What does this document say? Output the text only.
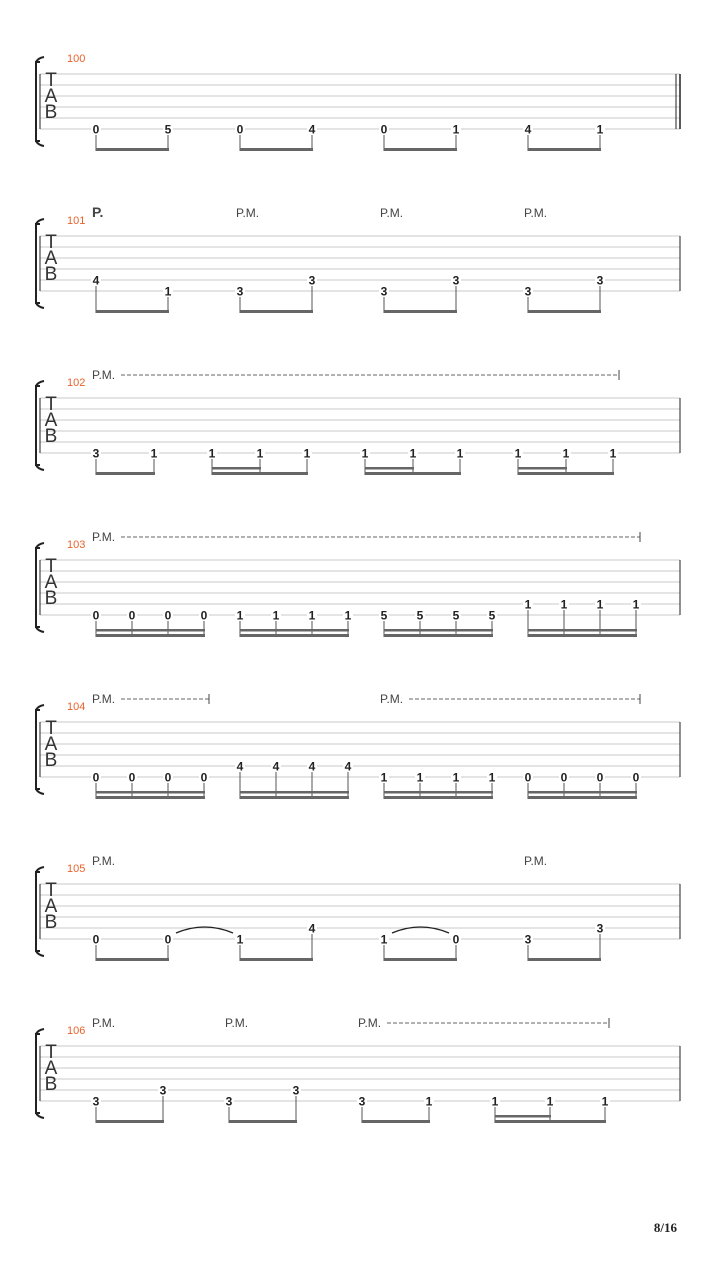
T
A
B
100
0	5	0	4	0	1	4	1
T
A
B
101
P.	P.M.	P.M.	P.M.
4
1	3
3
3
3
3
3
T
A
B
102
P.M.
3	1	1	1	1	1	1	1	1	1	1
T
A
B
103
P.M.
0 0 0 0 1 1 1 1 5 5 5 5
1 1 1 1
T
A
B
104
P.M.	P.M.
0 0 0 0
4 4 4 4
1 1 1 1 0 0 0 0
T
A
B
105
P.M.	P.M.
0	0	1
4
1	0	3
3
T
A
B
106
P.M.	P.M.	P.M.
3
3
3
3
3	1	1	1	1
8/16
